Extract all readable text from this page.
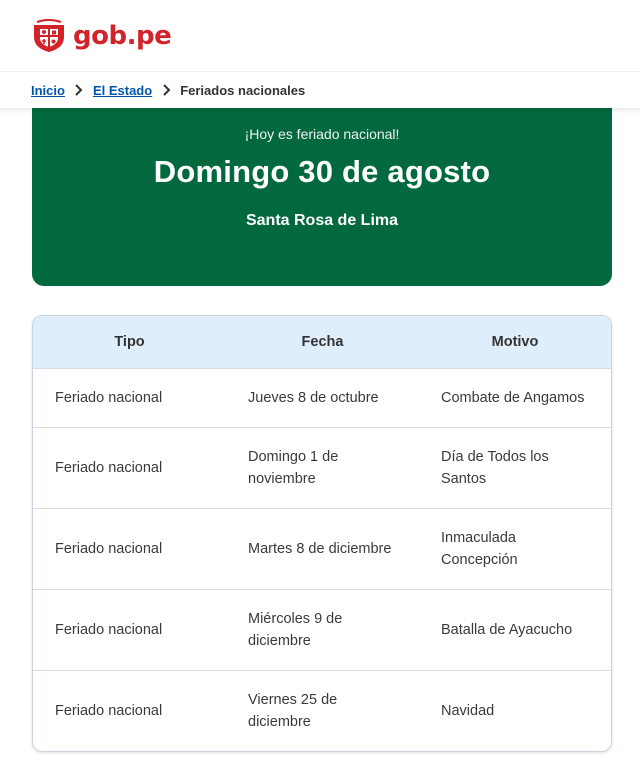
gob.pe
Inicio El Estado Feriados nacionales
¡Hoy es feriado nacional!
Domingo 30 de agosto
Santa Rosa de Lima
Tipo	Fecha	Motivo
Feriado nacional	Jueves 8 de octubre	Combate de Angamos
Feriado nacional	Domingo 1 de noviembre	Día de Todos los Santos
Feriado nacional	Martes 8 de diciembre	Inmaculada Concepción
Feriado nacional	Miércoles 9 de diciembre	Batalla de Ayacucho
Feriado nacional	Viernes 25 de diciembre	Navidad
